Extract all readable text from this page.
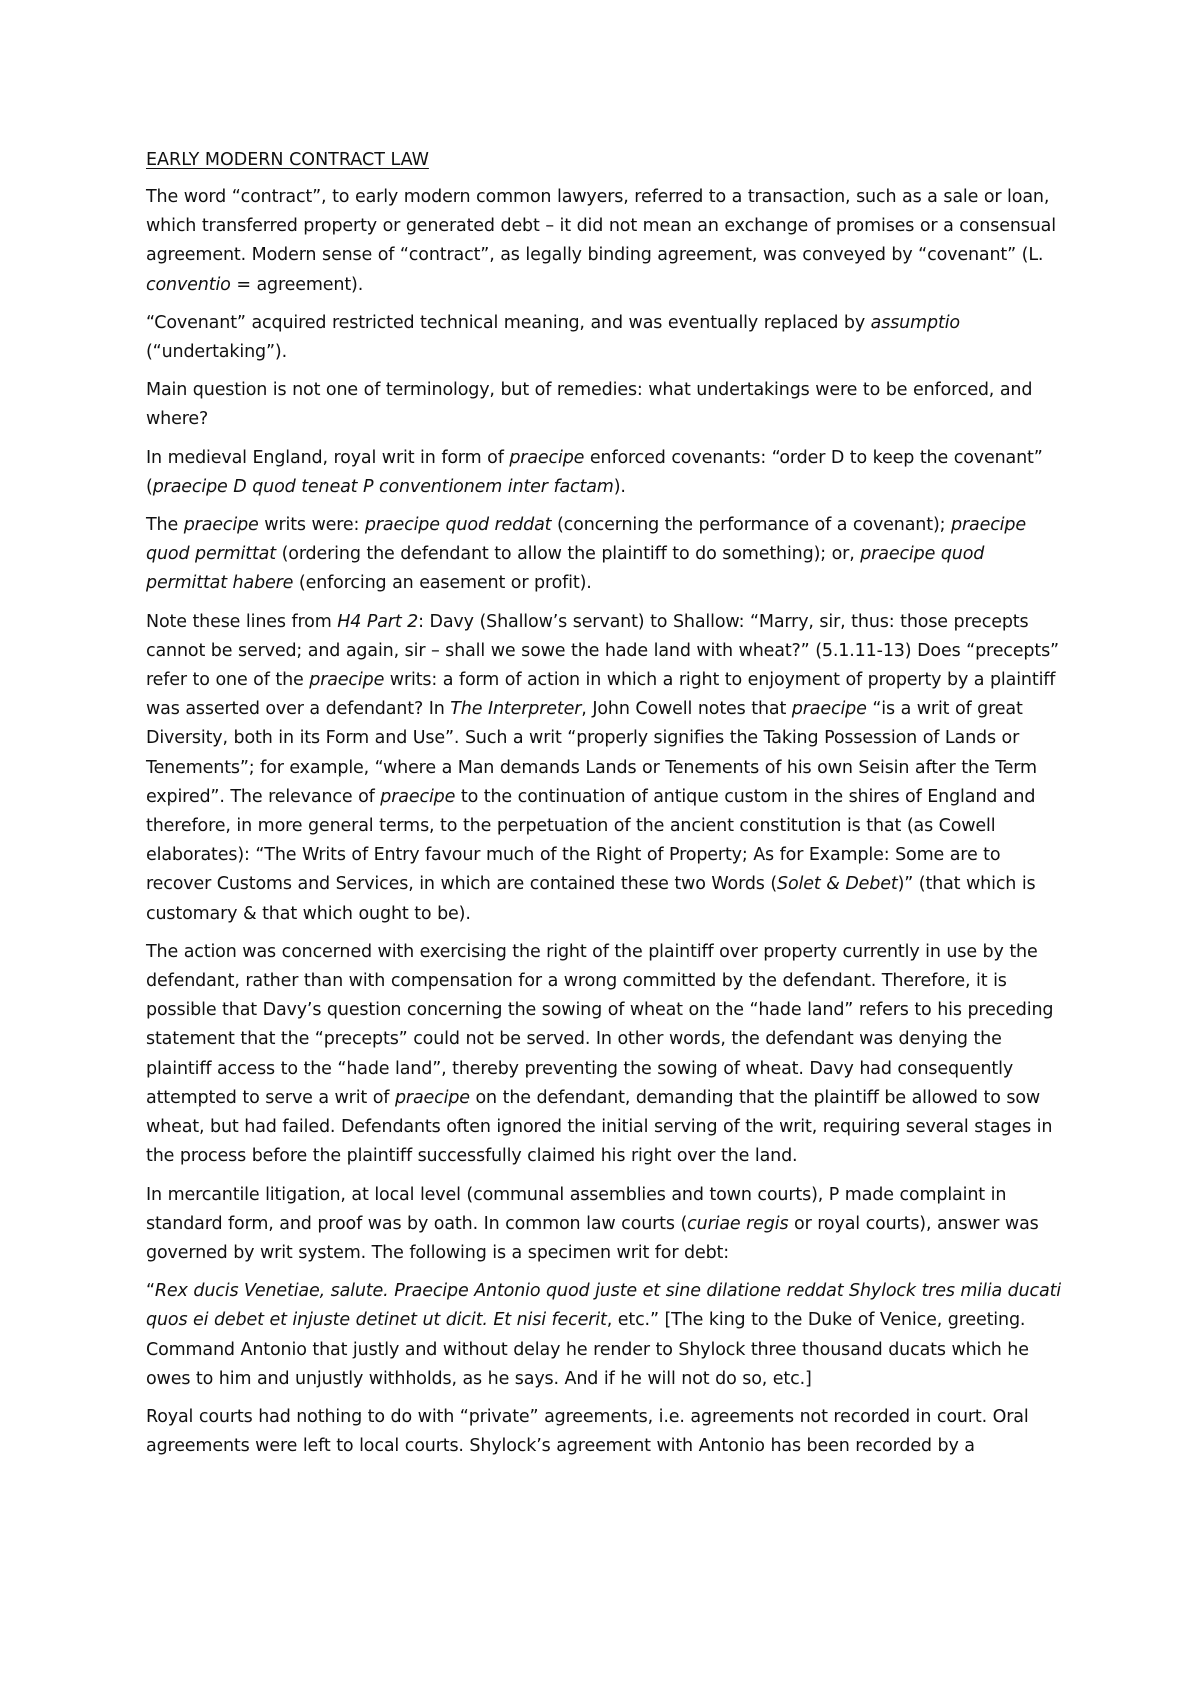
EARLY MODERN CONTRACT LAW

The word “contract”, to early modern common lawyers, referred to a transaction, such as a sale or loan, which transferred property or generated debt – it did not mean an exchange of promises or a consensual agreement. Modern sense of “contract”, as legally binding agreement, was conveyed by “covenant” (L. conventio = agreement).

“Covenant” acquired restricted technical meaning, and was eventually replaced by assumptio (“undertaking”).

Main question is not one of terminology, but of remedies: what undertakings were to be enforced, and where?

In medieval England, royal writ in form of praecipe enforced covenants: “order D to keep the covenant” (praecipe D quod teneat P conventionem inter factam).

The praecipe writs were: praecipe quod reddat (concerning the performance of a covenant); praecipe quod permittat (ordering the defendant to allow the plaintiff to do something); or, praecipe quod permittat habere (enforcing an easement or profit).

Note these lines from H4 Part 2: Davy (Shallow’s servant) to Shallow: “Marry, sir, thus: those precepts cannot be served; and again, sir – shall we sowe the hade land with wheat?” (5.1.11-13) Does “precepts” refer to one of the praecipe writs: a form of action in which a right to enjoyment of property by a plaintiff was asserted over a defendant? In The Interpreter, John Cowell notes that praecipe “is a writ of great Diversity, both in its Form and Use”. Such a writ “properly signifies the Taking Possession of Lands or Tenements”; for example, “where a Man demands Lands or Tenements of his own Seisin after the Term expired”. The relevance of praecipe to the continuation of antique custom in the shires of England and therefore, in more general terms, to the perpetuation of the ancient constitution is that (as Cowell elaborates): “The Writs of Entry favour much of the Right of Property; As for Example: Some are to recover Customs and Services, in which are contained these two Words (Solet & Debet)” (that which is customary & that which ought to be).

The action was concerned with exercising the right of the plaintiff over property currently in use by the defendant, rather than with compensation for a wrong committed by the defendant. Therefore, it is possible that Davy’s question concerning the sowing of wheat on the “hade land” refers to his preceding statement that the “precepts” could not be served. In other words, the defendant was denying the plaintiff access to the “hade land”, thereby preventing the sowing of wheat. Davy had consequently attempted to serve a writ of praecipe on the defendant, demanding that the plaintiff be allowed to sow wheat, but had failed. Defendants often ignored the initial serving of the writ, requiring several stages in the process before the plaintiff successfully claimed his right over the land.

In mercantile litigation, at local level (communal assemblies and town courts), P made complaint in standard form, and proof was by oath. In common law courts (curiae regis or royal courts), answer was governed by writ system. The following is a specimen writ for debt:

“Rex ducis Venetiae, salute. Praecipe Antonio quod juste et sine dilatione reddat Shylock tres milia ducati quos ei debet et injuste detinet ut dicit. Et nisi fecerit, etc.” [The king to the Duke of Venice, greeting. Command Antonio that justly and without delay he render to Shylock three thousand ducats which he owes to him and unjustly withholds, as he says. And if he will not do so, etc.]

Royal courts had nothing to do with “private” agreements, i.e. agreements not recorded in court. Oral agreements were left to local courts. Shylock’s agreement with Antonio has been recorded by a
